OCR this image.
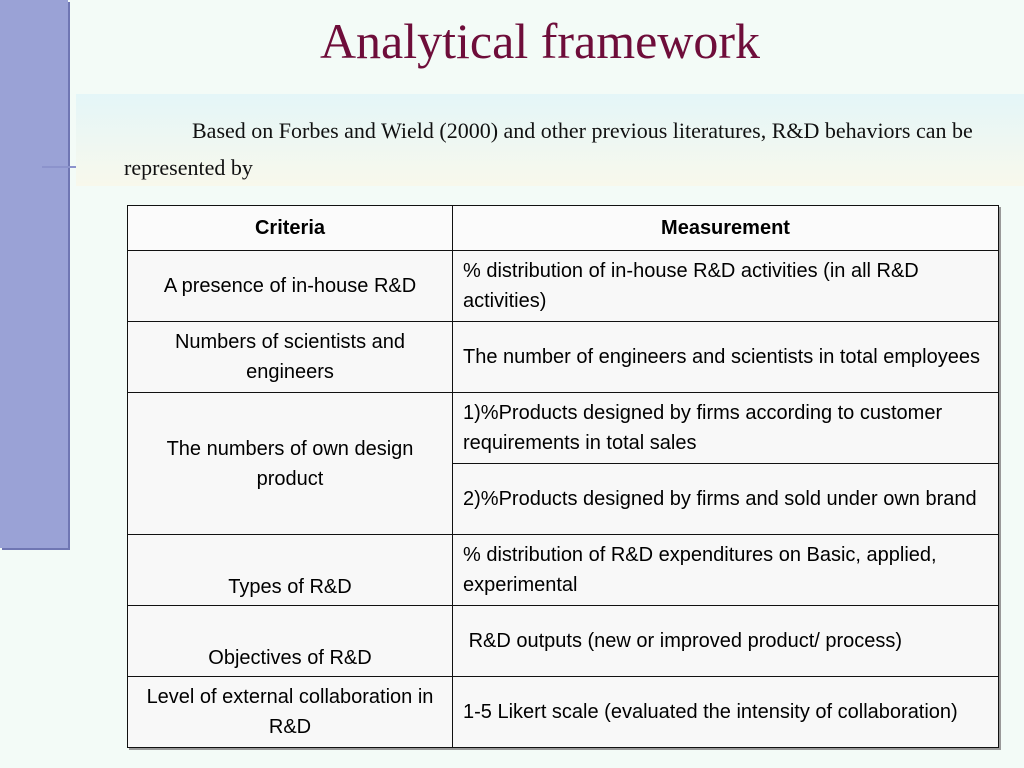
Analytical framework

Based on Forbes and Wield (2000) and other previous literatures, R&D behaviors can be represented by

Criteria	Measurement
A presence of in-house R&D	% distribution of in-house R&D activities (in all R&D activities)
Numbers of scientists and engineers	The number of engineers and scientists in total employees
The numbers of own design product	1)%Products designed by firms according to customer requirements in total sales
	2)%Products designed by firms and sold under own brand
Types of R&D	% distribution of R&D expenditures on Basic, applied, experimental
Objectives of R&D	R&D outputs (new or improved product/ process)
Level of external collaboration in R&D	1-5 Likert scale (evaluated the intensity of collaboration)
